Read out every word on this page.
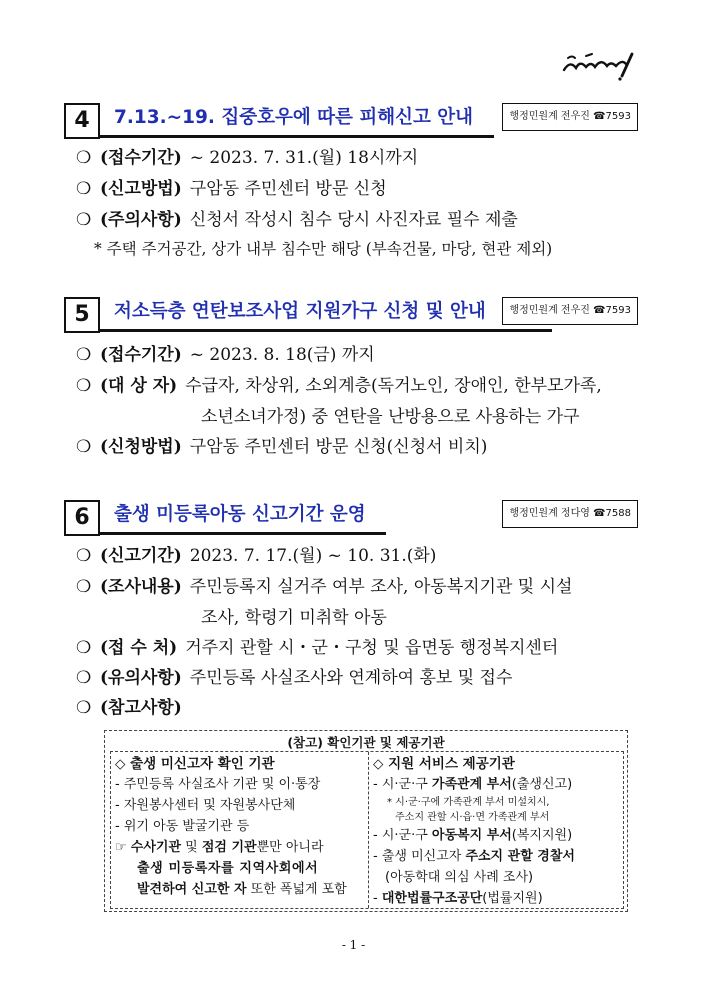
4	7.13.~19. 집중호우에 따른 피해신고 안내	행정민원계 전우진 ☎7593
❍ (접수기간) ~ 2023. 7. 31.(월) 18시까지
❍ (신고방법) 구암동 주민센터 방문 신청
❍ (주의사항) 신청서 작성시 침수 당시 사진자료 필수 제출
* 주택 주거공간, 상가 내부 침수만 해당 (부속건물, 마당, 현관 제외)
5	저소득층 연탄보조사업 지원가구 신청 및 안내	행정민원계 전우진 ☎7593
❍ (접수기간) ~ 2023. 8. 18(금) 까지
❍ (대 상 자) 수급자, 차상위, 소외계층(독거노인, 장애인, 한부모가족,
소년소녀가정) 중 연탄을 난방용으로 사용하는 가구
❍ (신청방법) 구암동 주민센터 방문 신청(신청서 비치)
6	출생 미등록아동 신고기간 운영	행정민원계 정다영 ☎7588
❍ (신고기간) 2023. 7. 17.(월) ~ 10. 31.(화)
❍ (조사내용) 주민등록지 실거주 여부 조사, 아동복지기관 및 시설
조사, 학령기 미취학 아동
❍ (접 수 처) 거주지 관할 시・군・구청 및 읍면동 행정복지센터
❍ (유의사항) 주민등록 사실조사와 연계하여 홍보 및 접수
❍ (참고사항)
(참고) 확인기관 및 제공기관
◇ 출생 미신고자 확인 기관
- 주민등록 사실조사 기관 및 이·통장
- 자원봉사센터 및 자원봉사단체
- 위기 아동 발굴기관 등
☞ 수사기관 및 점검 기관뿐만 아니라
출생 미등록자를 지역사회에서
발견하여 신고한 자 또한 폭넓게 포함
◇ 지원 서비스 제공기관
- 시·군·구 가족관계 부서(출생신고)
* 시·군·구에 가족관계 부서 미설치시,
주소지 관할 시·읍·면 가족관계 부서
- 시·군·구 아동복지 부서(복지지원)
- 출생 미신고자 주소지 관할 경찰서
(아동학대 의심 사례 조사)
- 대한법률구조공단(법률지원)
- 1 -
